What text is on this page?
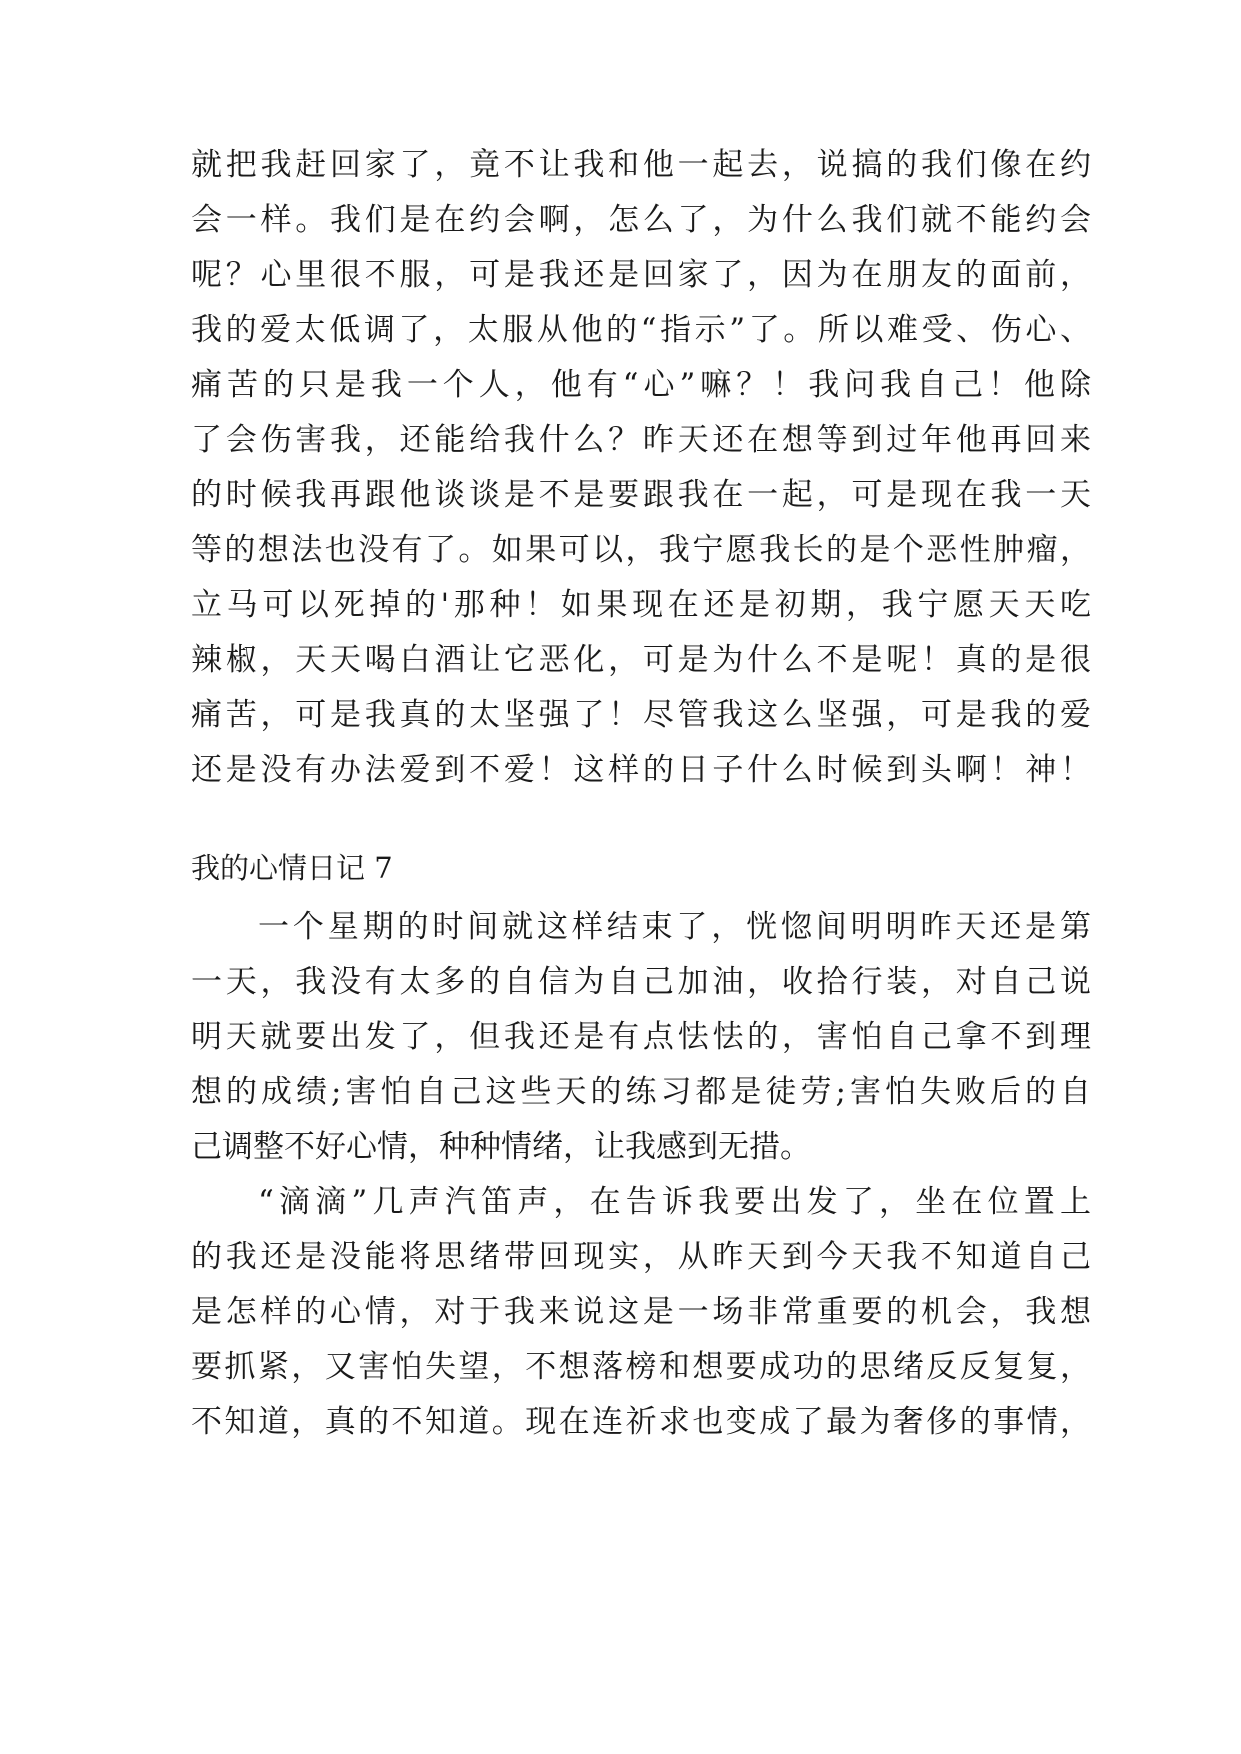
就把我赶回家了，竟不让我和他一起去，说搞的我们像在约

会一样。我们是在约会啊，怎么了，为什么我们就不能约会

呢？心里很不服，可是我还是回家了，因为在朋友的面前，

我的爱太低调了，太服从他的“指示”了。所以难受、伤心、

痛苦的只是我一个人，他有“心”嘛？！我问我自己！他除

了会伤害我，还能给我什么？昨天还在想等到过年他再回来

的时候我再跟他谈谈是不是要跟我在一起，可是现在我一天

等的想法也没有了。如果可以，我宁愿我长的是个恶性肿瘤，

立马可以死掉的'那种！如果现在还是初期，我宁愿天天吃

辣椒，天天喝白酒让它恶化，可是为什么不是呢！真的是很

痛苦，可是我真的太坚强了！尽管我这么坚强，可是我的爱

还是没有办法爱到不爱！这样的日子什么时候到头啊！神！

我的心情日记 7

一个星期的时间就这样结束了，恍惚间明明昨天还是第

一天，我没有太多的自信为自己加油，收拾行装，对自己说

明天就要出发了，但我还是有点怯怯的，害怕自己拿不到理

想的成绩;害怕自己这些天的练习都是徒劳;害怕失败后的自

己调整不好心情，种种情绪，让我感到无措。

“滴滴”几声汽笛声，在告诉我要出发了，坐在位置上

的我还是没能将思绪带回现实，从昨天到今天我不知道自己

是怎样的心情，对于我来说这是一场非常重要的机会，我想

要抓紧，又害怕失望，不想落榜和想要成功的思绪反反复复，

不知道，真的不知道。现在连祈求也变成了最为奢侈的事情，
